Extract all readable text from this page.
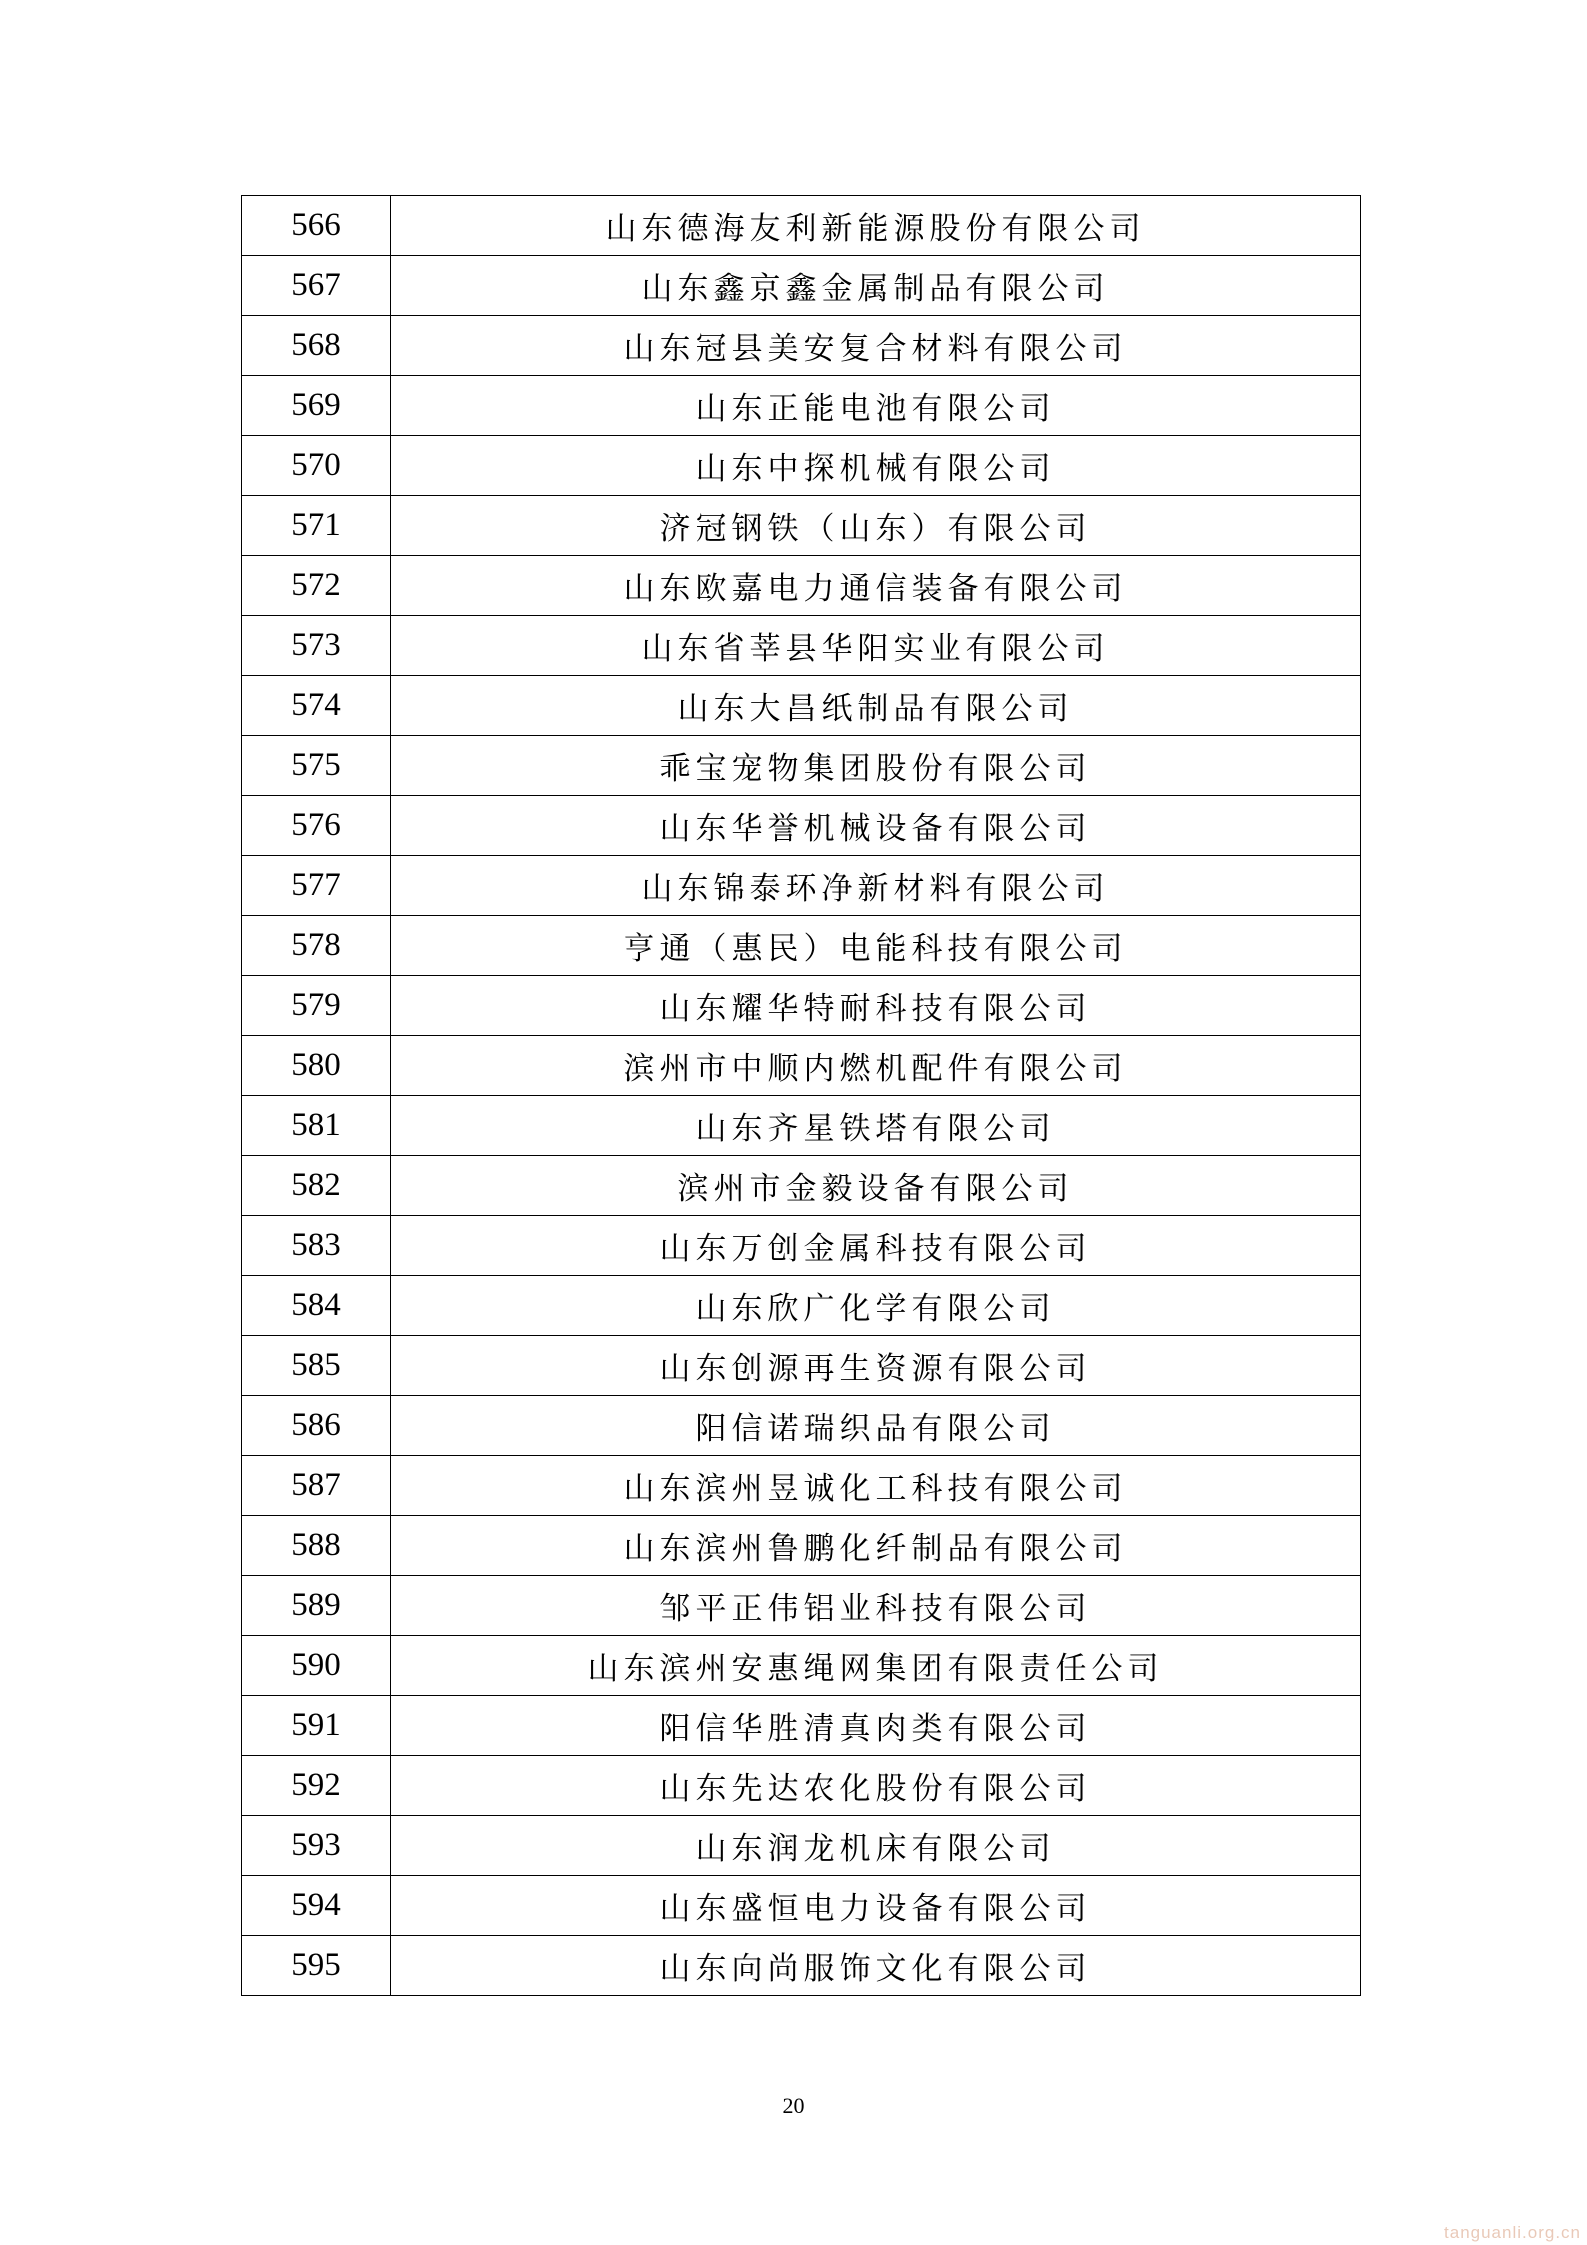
566	山东德海友利新能源股份有限公司
567	山东鑫京鑫金属制品有限公司
568	山东冠县美安复合材料有限公司
569	山东正能电池有限公司
570	山东中探机械有限公司
571	济冠钢铁（山东）有限公司
572	山东欧嘉电力通信装备有限公司
573	山东省莘县华阳实业有限公司
574	山东大昌纸制品有限公司
575	乖宝宠物集团股份有限公司
576	山东华誉机械设备有限公司
577	山东锦泰环净新材料有限公司
578	亨通（惠民）电能科技有限公司
579	山东耀华特耐科技有限公司
580	滨州市中顺内燃机配件有限公司
581	山东齐星铁塔有限公司
582	滨州市金毅设备有限公司
583	山东万创金属科技有限公司
584	山东欣广化学有限公司
585	山东创源再生资源有限公司
586	阳信诺瑞织品有限公司
587	山东滨州昱诚化工科技有限公司
588	山东滨州鲁鹏化纤制品有限公司
589	邹平正伟铝业科技有限公司
590	山东滨州安惠绳网集团有限责任公司
591	阳信华胜清真肉类有限公司
592	山东先达农化股份有限公司
593	山东润龙机床有限公司
594	山东盛恒电力设备有限公司
595	山东向尚服饰文化有限公司
20
tanguanli.org.cn
